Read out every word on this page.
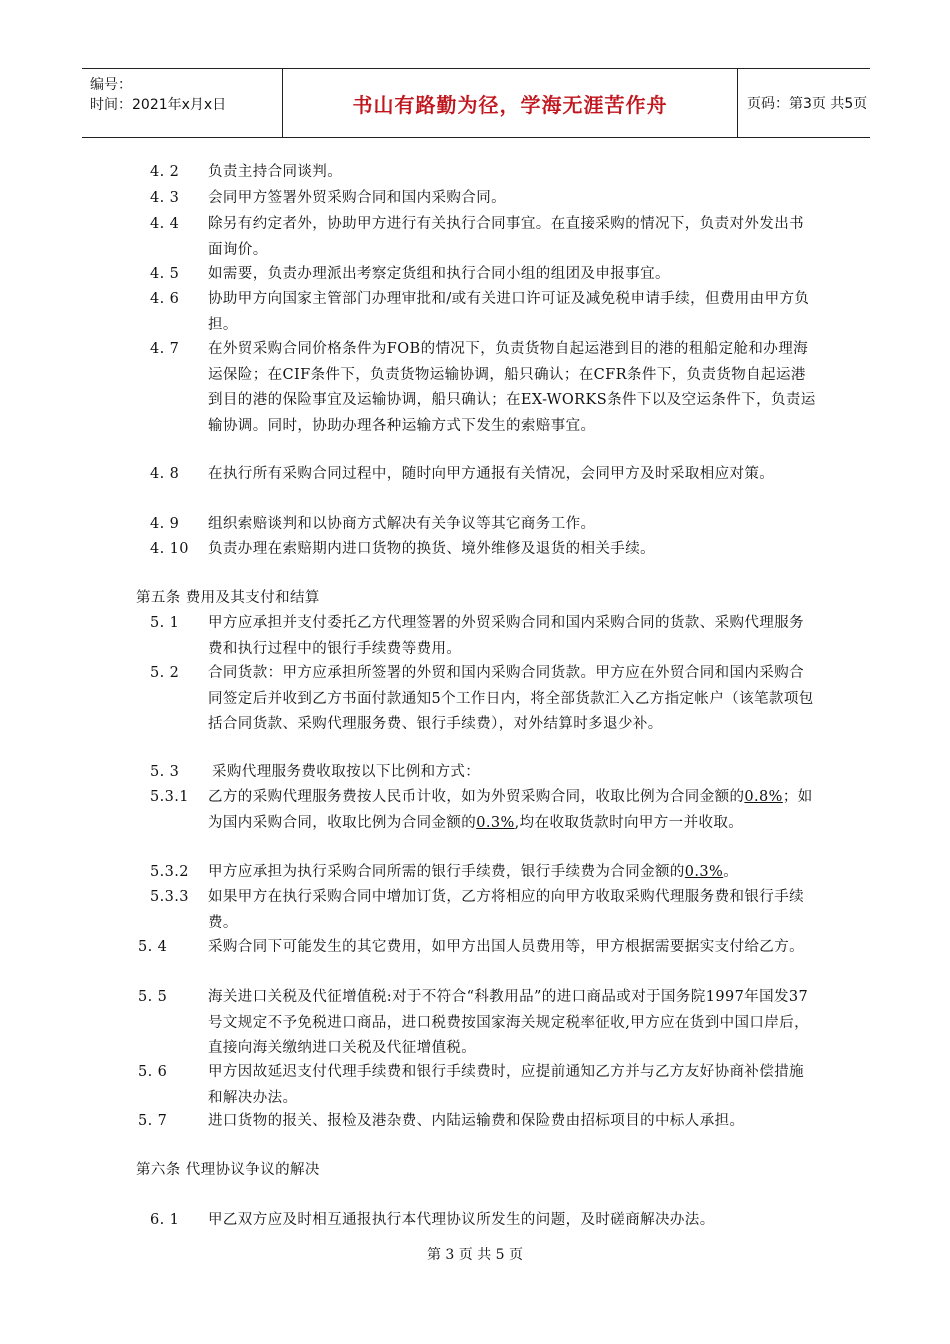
编号：
时间：2021年x月x日	书山有路勤为径，学海无涯苦作舟	页码：第3页 共5页
4. 2 负责主持合同谈判。
4. 3 会同甲方签署外贸采购合同和国内采购合同。
4. 4 除另有约定者外，协助甲方进行有关执行合同事宜。在直接采购的情况下，负责对外发出书面询价。
4. 5 如需要，负责办理派出考察定货组和执行合同小组的组团及申报事宜。
4. 6 协助甲方向国家主管部门办理审批和/或有关进口许可证及减免税申请手续，但费用由甲方负担。
4. 7 在外贸采购合同价格条件为FOB的情况下，负责货物自起运港到目的港的租船定舱和办理海运保险；在CIF条件下，负责货物运输协调，船只确认；在CFR条件下，负责货物自起运港到目的港的保险事宜及运输协调，船只确认；在EX-WORKS条件下以及空运条件下，负责运输协调。同时，协助办理各种运输方式下发生的索赔事宜。
4. 8 在执行所有采购合同过程中，随时向甲方通报有关情况，会同甲方及时采取相应对策。
4. 9 组织索赔谈判和以协商方式解决有关争议等其它商务工作。
4. 10 负责办理在索赔期内进口货物的换货、境外维修及退货的相关手续。
第五条 费用及其支付和结算
5. 1 甲方应承担并支付委托乙方代理签署的外贸采购合同和国内采购合同的货款、采购代理服务费和执行过程中的银行手续费等费用。
5. 2 合同货款：甲方应承担所签署的外贸和国内采购合同货款。甲方应在外贸合同和国内采购合同签定后并收到乙方书面付款通知5个工作日内，将全部货款汇入乙方指定帐户（该笔款项包括合同货款、采购代理服务费、银行手续费），对外结算时多退少补。
5. 3 采购代理服务费收取按以下比例和方式：
5.3.1 乙方的采购代理服务费按人民币计收，如为外贸采购合同，收取比例为合同金额的0.8%；如为国内采购合同，收取比例为合同金额的0.3%,均在收取货款时向甲方一并收取。
5.3.2 甲方应承担为执行采购合同所需的银行手续费，银行手续费为合同金额的0.3%。
5.3.3 如果甲方在执行采购合同中增加订货，乙方将相应的向甲方收取采购代理服务费和银行手续费。
5. 4	采购合同下可能发生的其它费用，如甲方出国人员费用等，甲方根据需要据实支付给乙方。
5. 5	海关进口关税及代征增值税:对于不符合“科教用品”的进口商品或对于国务院1997年国发37号文规定不予免税进口商品，进口税费按国家海关规定税率征收,甲方应在货到中国口岸后，直接向海关缴纳进口关税及代征增值税。
5. 6	甲方因故延迟支付代理手续费和银行手续费时，应提前通知乙方并与乙方友好协商补偿措施和解决办法。
5. 7	进口货物的报关、报检及港杂费、内陆运输费和保险费由招标项目的中标人承担。
第六条 代理协议争议的解决
6. 1 甲乙双方应及时相互通报执行本代理协议所发生的问题，及时磋商解决办法。
第 3 页 共 5 页
